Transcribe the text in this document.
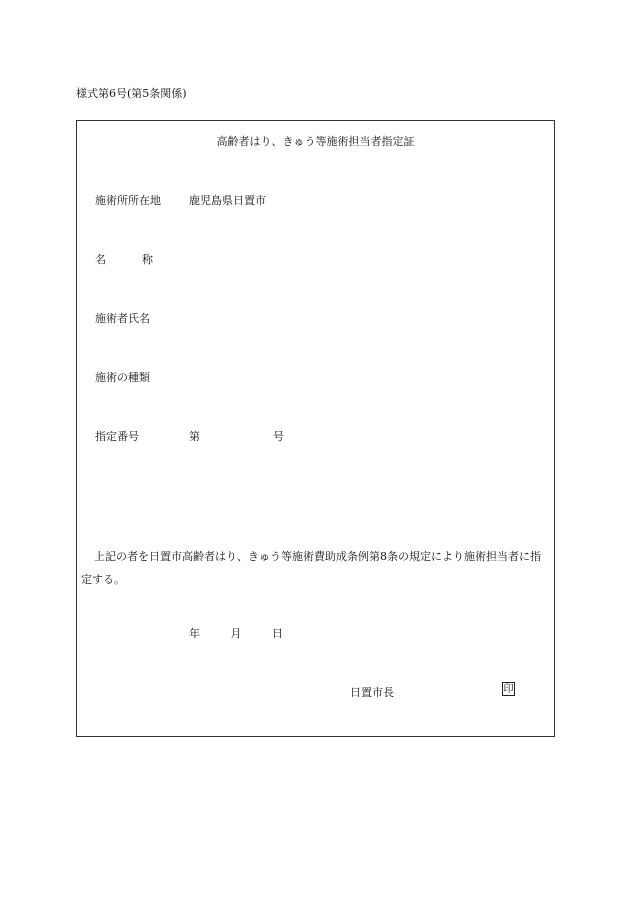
様式第6号(第5条関係)
高齢者はり、きゅう等施術担当者指定証
施術所所在地	鹿児島県日置市
名	称
施術者氏名
施術の種類
指定番号	第	号
上記の者を日置市高齢者はり、きゅう等施術費助成条例第8条の規定により施術担当者に指定する。
年	月	日
日置市長	印
